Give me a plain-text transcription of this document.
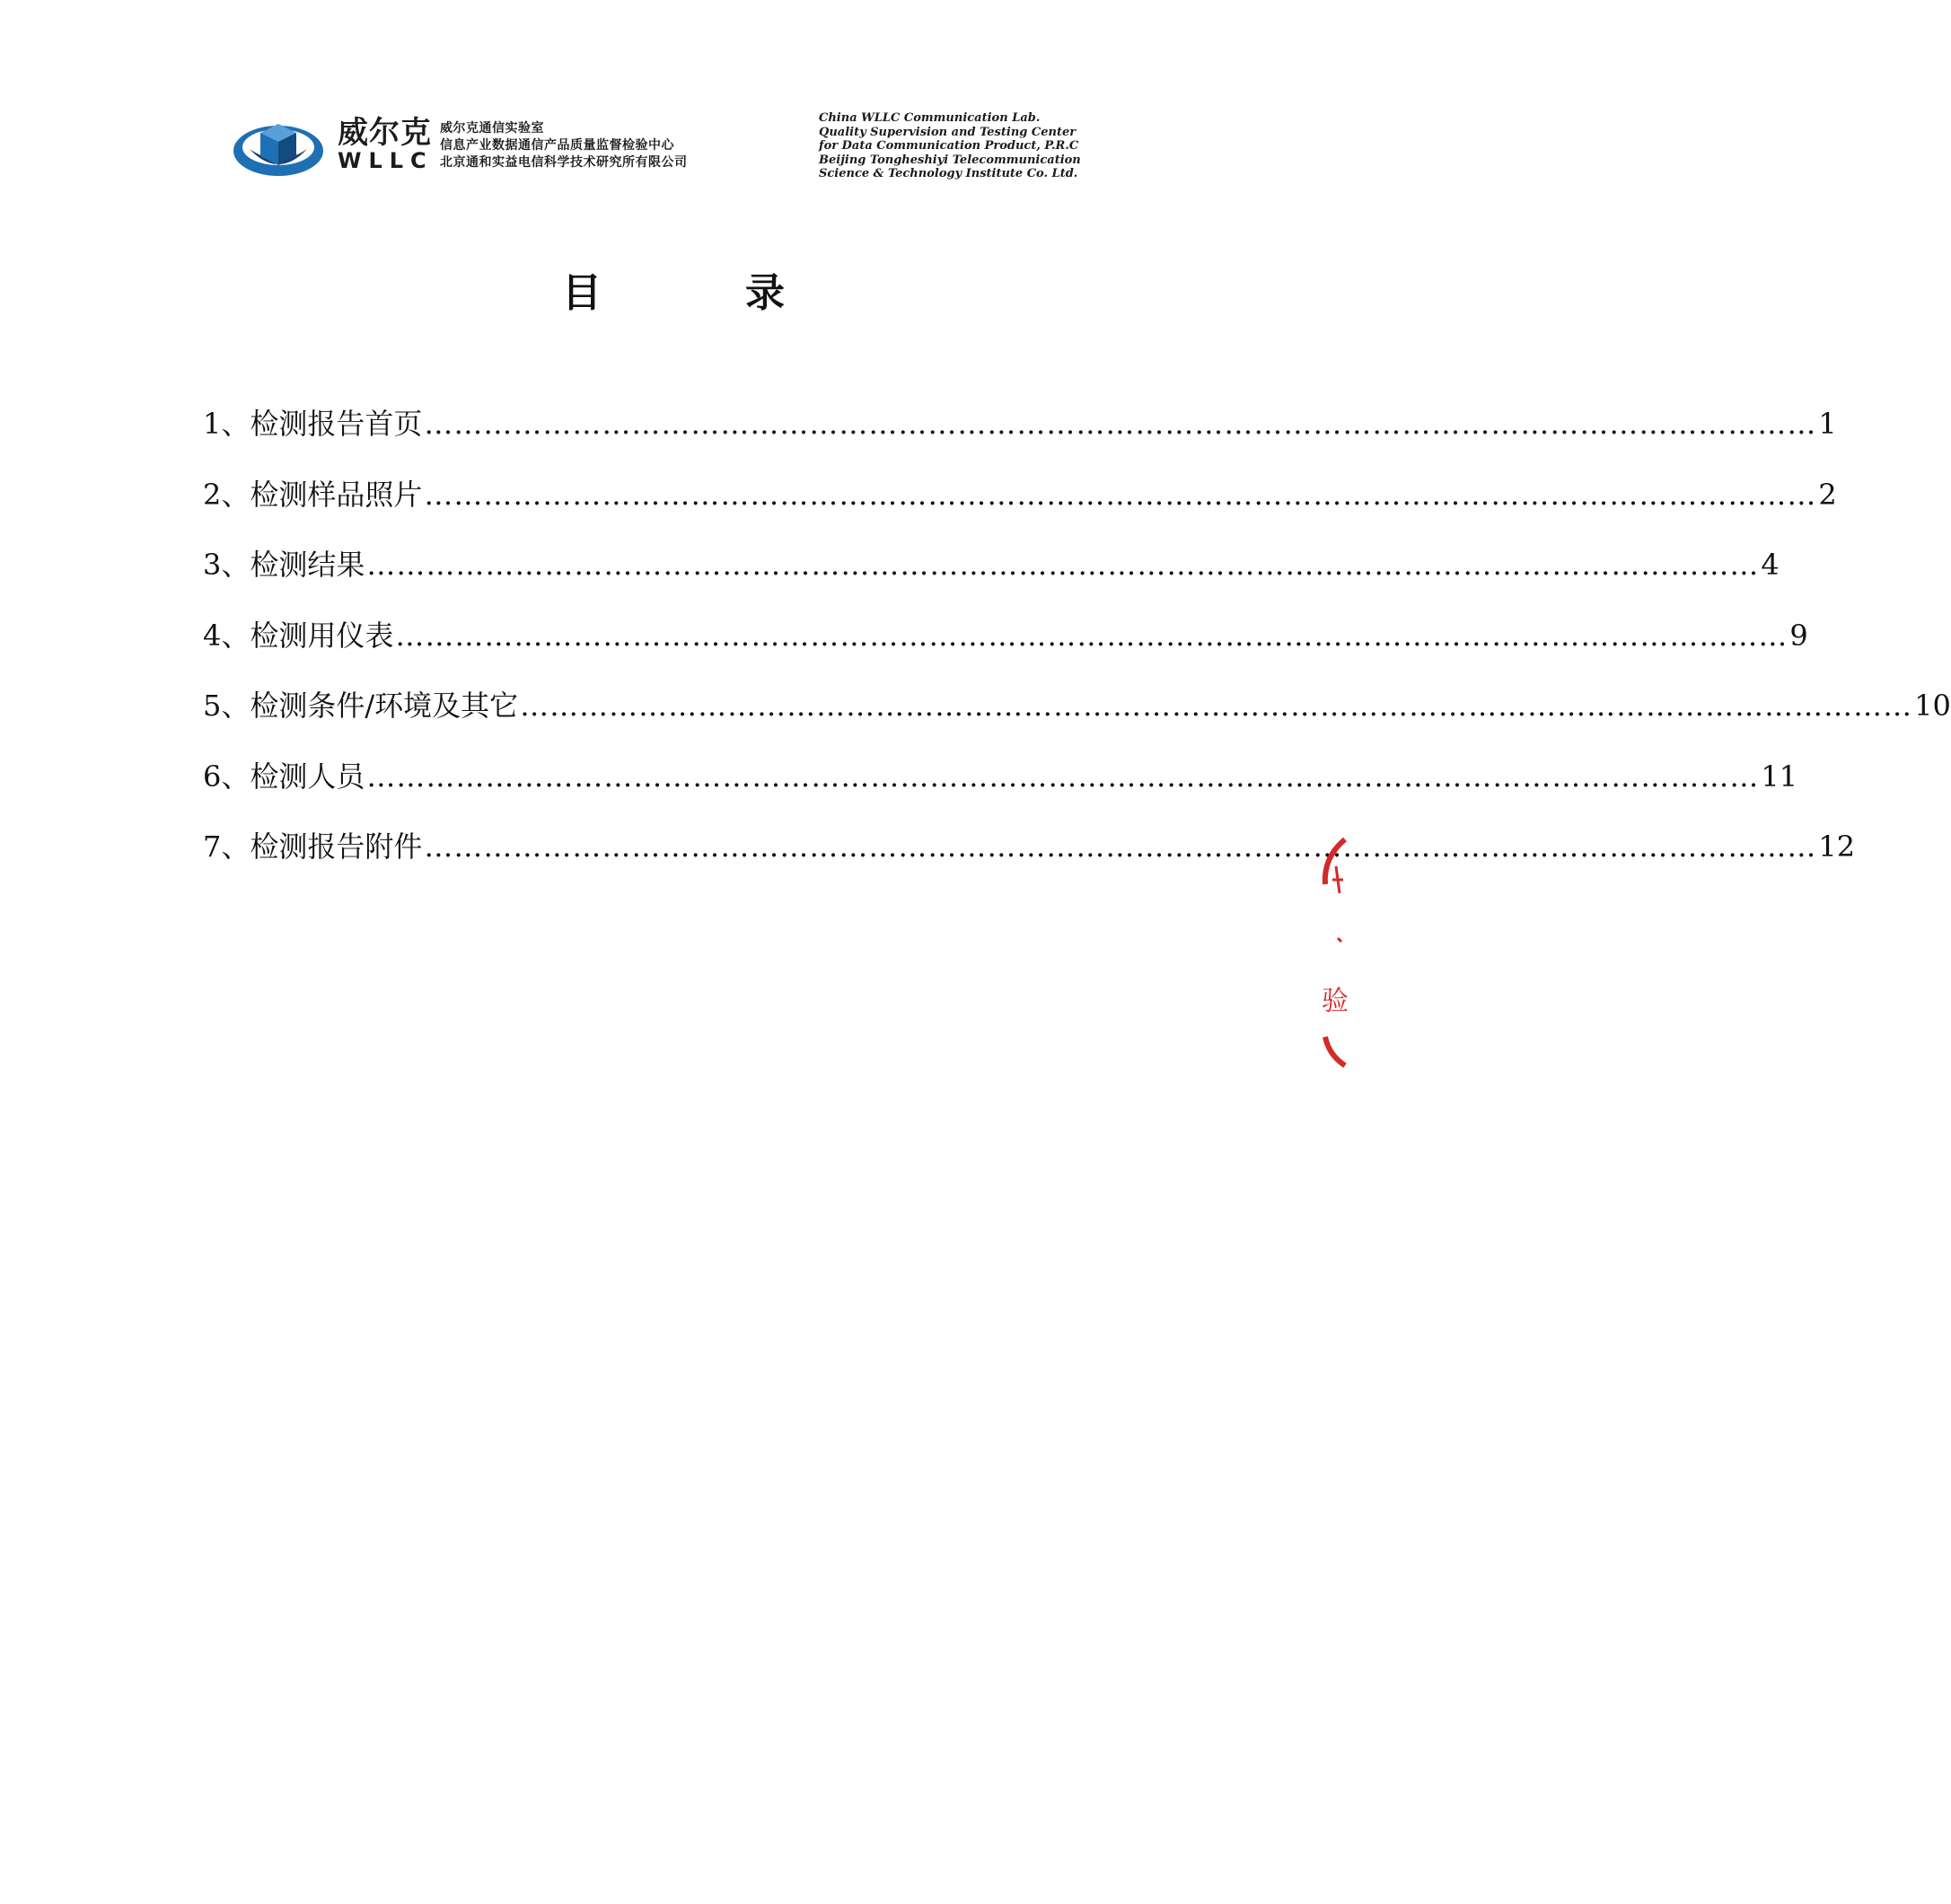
威尔克
WLLC
威尔克通信实验室
信息产业数据通信产品质量监督检验中心
北京通和实益电信科学技术研究所有限公司
China WLLC Communication Lab.
Quality Supervision and Testing Center
for Data Communication Product, P.R.C
Beijing Tongheshiyi Telecommunication
Science & Technology Institute Co. Ltd.
目	录
1、检测报告首页 …………………………………………………………………………………………………………………………… 1
2、检测样品照片 …………………………………………………………………………………………………………………………… 2
3、检测结果 …………………………………………………………………………………………………………………………… 4
4、检测用仪表 …………………………………………………………………………………………………………………………… 9
5、检测条件/环境及其它 …………………………………………………………………………………………………………………………… 10
6、检测人员 …………………………………………………………………………………………………………………………… 11
7、检测报告附件 …………………………………………………………………………………………………………………………… 12
验
